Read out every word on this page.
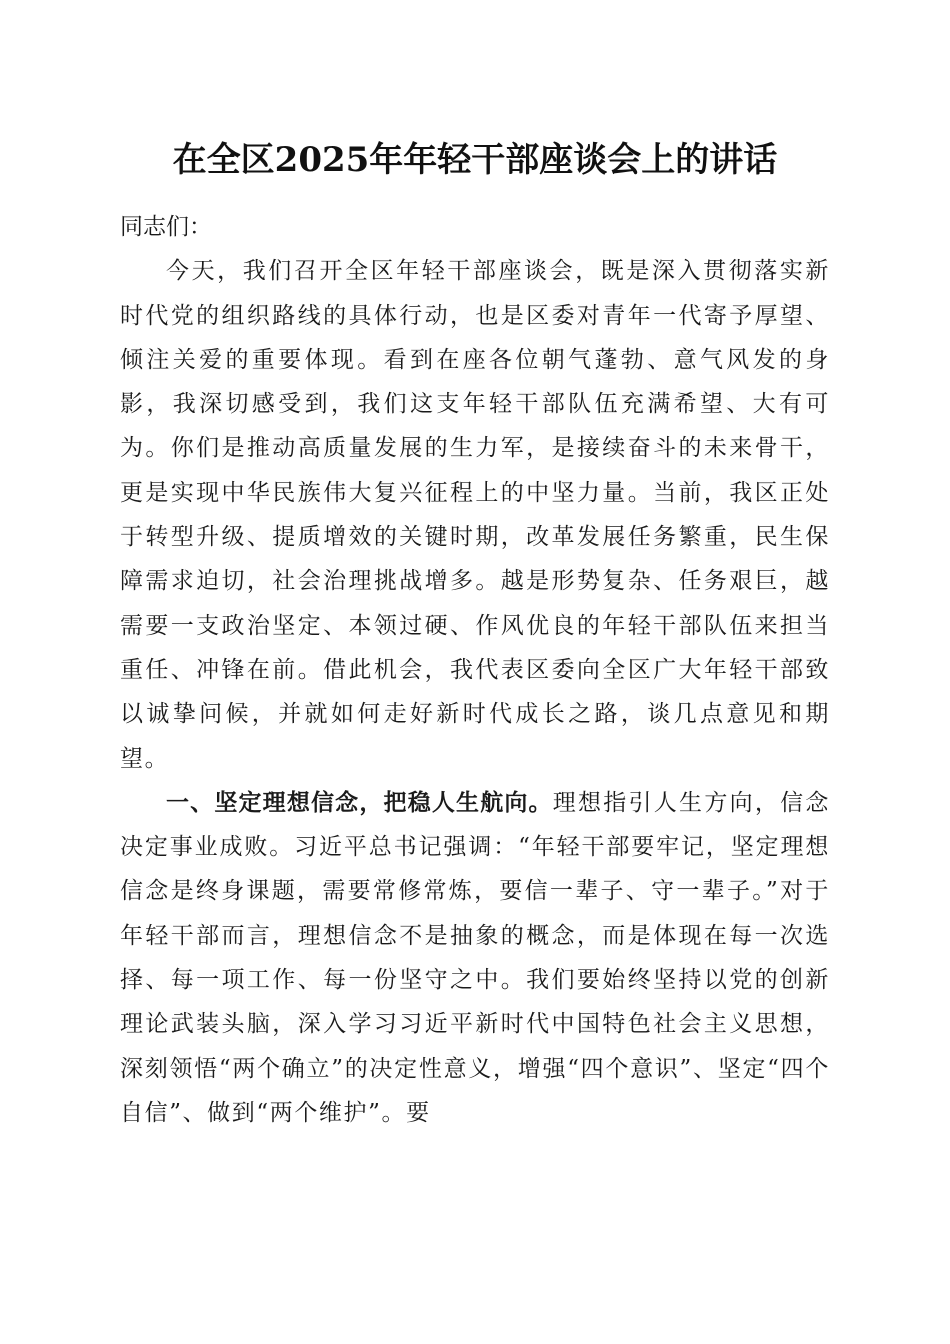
在全区2025年年轻干部座谈会上的讲话

同志们：

今天，我们召开全区年轻干部座谈会，既是深入贯彻落实新时代党的组织路线的具体行动，也是区委对青年一代寄予厚望、倾注关爱的重要体现。看到在座各位朝气蓬勃、意气风发的身影，我深切感受到，我们这支年轻干部队伍充满希望、大有可为。你们是推动高质量发展的生力军，是接续奋斗的未来骨干，更是实现中华民族伟大复兴征程上的中坚力量。当前，我区正处于转型升级、提质增效的关键时期，改革发展任务繁重，民生保障需求迫切，社会治理挑战增多。越是形势复杂、任务艰巨，越需要一支政治坚定、本领过硬、作风优良的年轻干部队伍来担当重任、冲锋在前。借此机会，我代表区委向全区广大年轻干部致以诚挚问候，并就如何走好新时代成长之路，谈几点意见和期望。

一、坚定理想信念，把稳人生航向。理想指引人生方向，信念决定事业成败。习近平总书记强调：“年轻干部要牢记，坚定理想信念是终身课题，需要常修常炼，要信一辈子、守一辈子。”对于年轻干部而言，理想信念不是抽象的概念，而是体现在每一次选择、每一项工作、每一份坚守之中。我们要始终坚持以党的创新理论武装头脑，深入学习习近平新时代中国特色社会主义思想，深刻领悟“两个确立”的决定性意义，增强“四个意识”、坚定“四个自信”、做到“两个维护”。要
